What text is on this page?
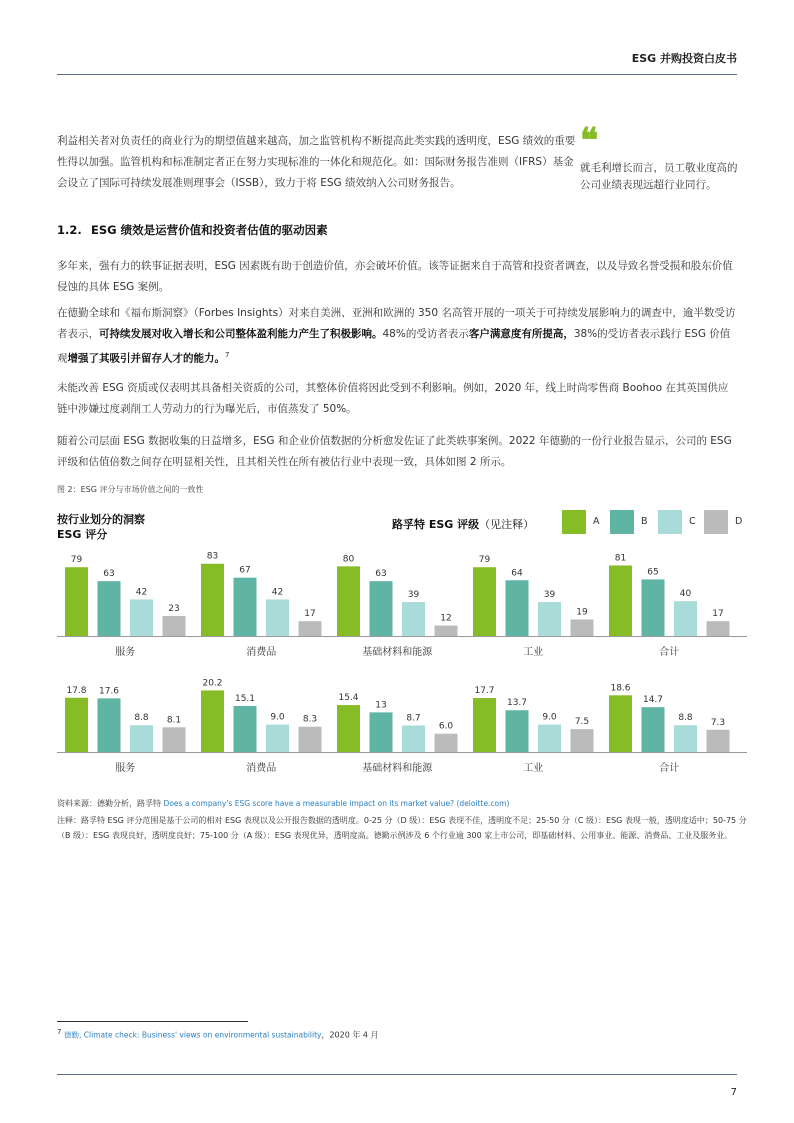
ESG 并购投资白皮书
利益相关者对负责任的商业行为的期望值越来越高，加之监管机构不断提高此类实践的透明度，ESG 绩效的重要性得以加强。监管机构和标准制定者正在努力实现标准的一体化和规范化。如：国际财务报告准则（IFRS）基金会设立了国际可持续发展准则理事会（ISSB），致力于将 ESG 绩效纳入公司财务报告。
❝
就毛利增长而言，员工敬业度高的公司业绩表现远超行业同行。
1.2. ESG 绩效是运营价值和投资者估值的驱动因素
多年来，强有力的轶事证据表明，ESG 因素既有助于创造价值，亦会破坏价值。该等证据来自于高管和投资者调查，以及导致名誉受损和股东价值侵蚀的具体 ESG 案例。
在德勤全球和《福布斯洞察》（Forbes Insights）对来自美洲、亚洲和欧洲的 350 名高管开展的一项关于可持续发展影响力的调查中，逾半数受访者表示，可持续发展对收入增长和公司整体盈利能力产生了积极影响。48%的受访者表示客户满意度有所提高，38%的受访者表示践行 ESG 价值观增强了其吸引并留存人才的能力。$^7$
未能改善 ESG 资质或仅表明其具备相关资质的公司，其整体价值将因此受到不利影响。例如，2020 年，线上时尚零售商 Boohoo 在其英国供应链中涉嫌过度剥削工人劳动力的行为曝光后，市值蒸发了 50%。
随着公司层面 ESG 数据收集的日益增多，ESG 和企业价值数据的分析愈发佐证了此类轶事案例。2022 年德勤的一份行业报告显示，公司的 ESG 评级和估值倍数之间存在明显相关性，且其相关性在所有被估行业中表现一致，具体如图 2 所示。
图 2：ESG 评分与市场价值之间的一致性
按行业划分的洞察
ESG 评分
路孚特 ESG 评级（见注释）	A	B	C	D
79
63
42
23
服务
83
67
42
17
消费品
80
63
39
12
基础材料和能源
79
64
39
19
工业
81
65
40
17
合计
17.8 17.6
8.8 8.1
服务
20.2
15.1
9.0 8.3
消费品
15.4
13
8.7
6.0
基础材料和能源
17.7
13.7
9.0 7.5
工业
18.6
14.7
8.8 7.3
合计
资料来源：德勤分析，路孚特 Does a company's ESG score have a measurable impact on its market value? (deloitte.com)
注释：路孚特 ESG 评分范围是基于公司的相对 ESG 表现以及公开报告数据的透明度。0-25 分（D 级）：ESG 表现不佳，透明度不足；25-50 分（C 级）：ESG 表现一般，透明度适中；50-75 分（B 级）：ESG 表现良好，透明度良好；75-100 分（A 级）：ESG 表现优异，透明度高。德勤示例涉及 6 个行业逾 300 家上市公司，即基础材料、公用事业、能源、消费品、工业及服务业。
$^7$ 德勤, Climate check: Business' views on environmental sustainability，2020 年 4 月
7
